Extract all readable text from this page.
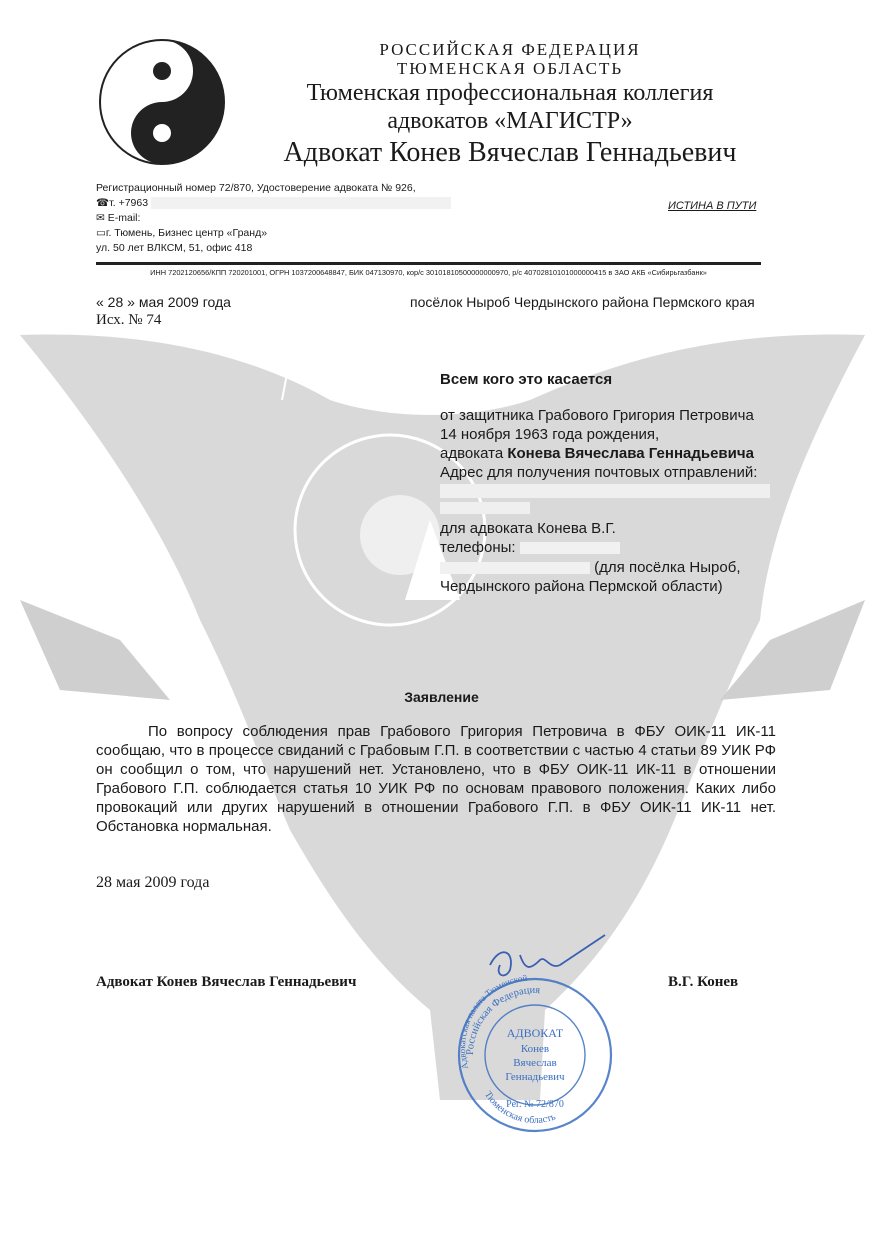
РОССИЙСКАЯ ФЕДЕРАЦИЯ
ТЮМЕНСКАЯ ОБЛАСТЬ
Тюменская профессиональная коллегия
адвокатов «МАГИСТР»
Адвокат Конев Вячеслав Геннадьевич
Регистрационный номер 72/870, Удостоверение адвоката № 926,
☎т. +7963
✉ E-mail:
▭г. Тюмень, Бизнес центр «Гранд»
ул. 50 лет ВЛКСМ, 51, офис 418
ИСТИНА В ПУТИ
ИНН 7202120656/КПП 720201001, ОГРН 1037200648847, БИК 047130970, кор/с 30101810500000000970, р/с 40702810101000000415 в ЗАО АКБ «Сибирьгазбанк»
« 28 » мая 2009 года	посёлок Ныроб Чердынского района Пермского края
Исх. № 74
Всем кого это касается
от защитника Грабового Григория Петровича
14 ноября 1963 года рождения,
адвоката Конева Вячеслава Геннадьевича
Адрес для получения почтовых отправлений:
для адвоката Конева В.Г.
телефоны:
(для посёлка Ныроб,
Чердынского района Пермской области)
Заявление
По вопросу соблюдения прав Грабового Григория Петровича в ФБУ ОИК-11 ИК-11 сообщаю, что в процессе свиданий с Грабовым Г.П. в соответствии с частью 4 статьи 89 УИК РФ он сообщил о том, что нарушений нет. Установлено, что в ФБУ ОИК-11 ИК-11 в отношении Грабового Г.П. соблюдается статья 10 УИК РФ по основам правового положения. Каких либо провокаций или других нарушений в отношении Грабового Г.П. в ФБУ ОИК-11 ИК-11 нет. Обстановка нормальная.
28 мая 2009 года
Адвокат Конев Вячеслав Геннадьевич	В.Г. Конев
Российская Федерация
Адвокатская палата Тюменской
Тюменская область
АДВОКАТ
Конев
Вячеслав
Геннадьевич
Рег. № 72/870
